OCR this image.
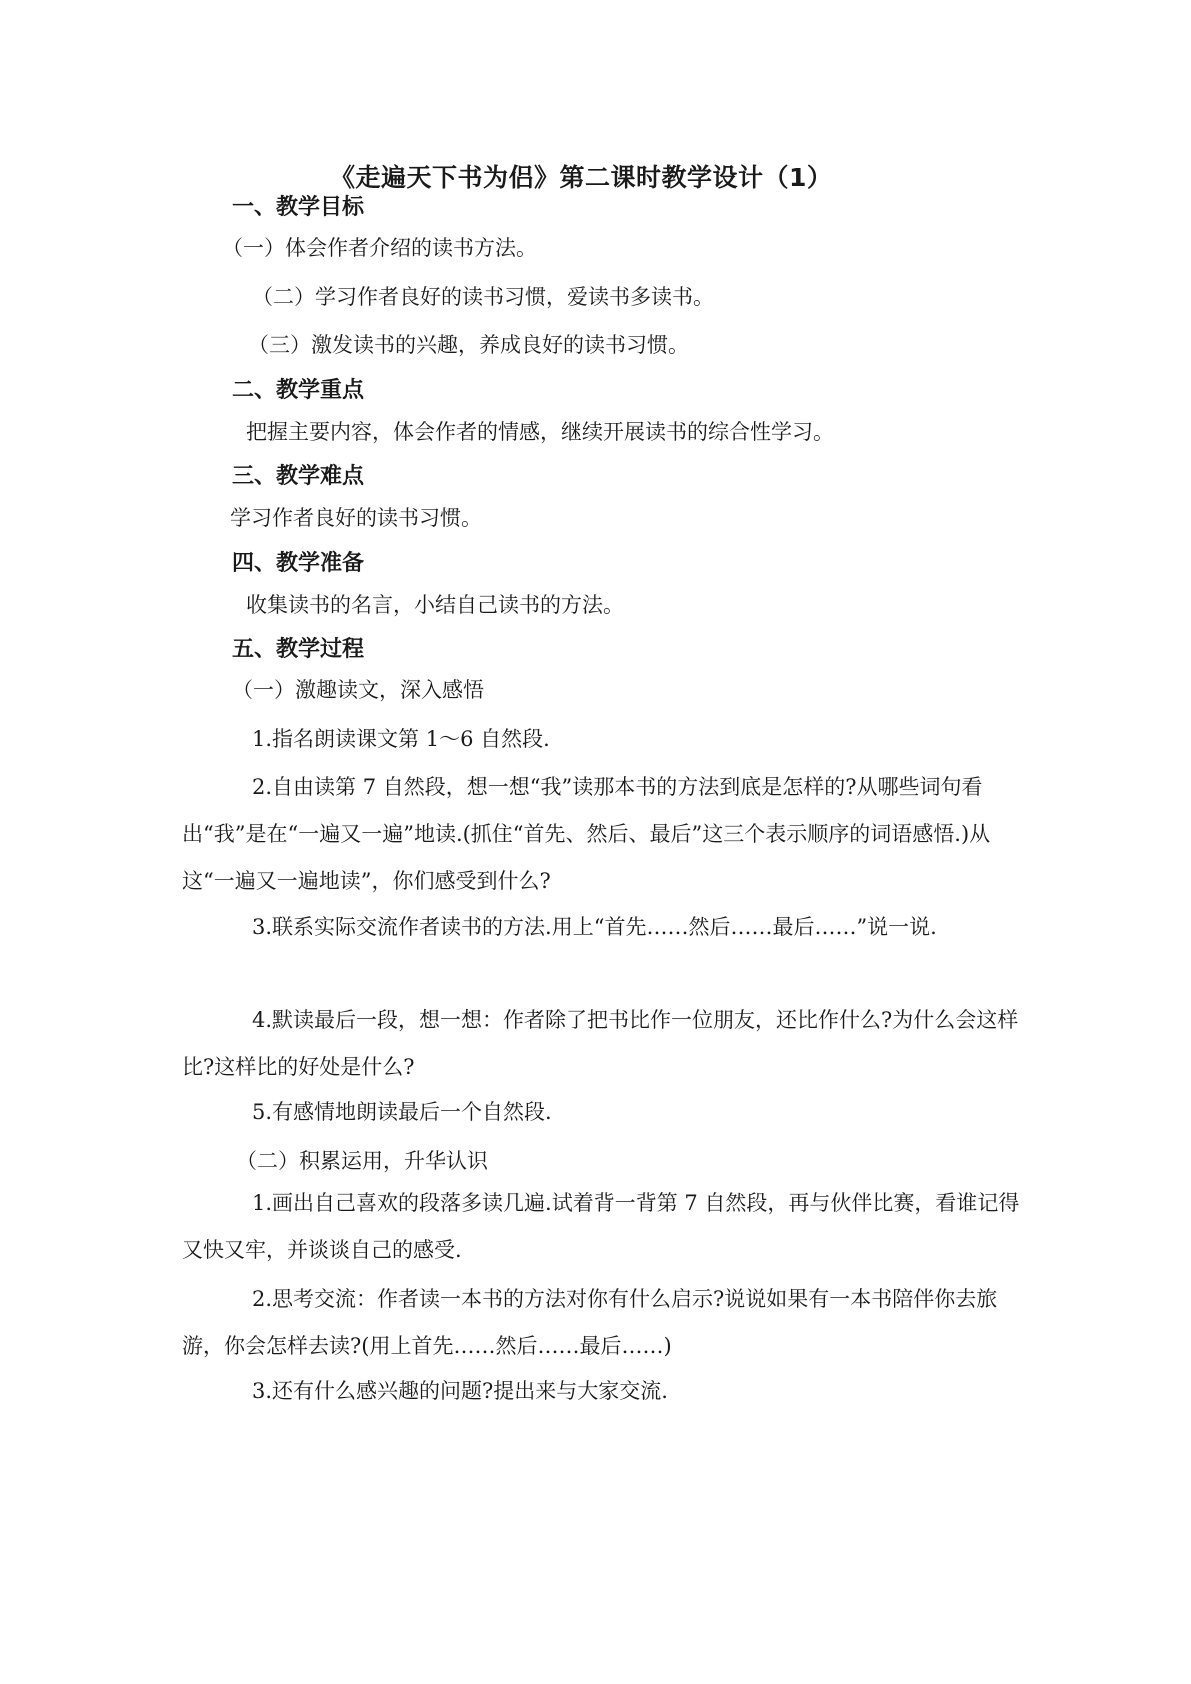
《走遍天下书为侣》第二课时教学设计（1）
一、教学目标
（一）体会作者介绍的读书方法。
（二）学习作者良好的读书习惯，爱读书多读书。
（三）激发读书的兴趣，养成良好的读书习惯。
二、教学重点
把握主要内容，体会作者的情感，继续开展读书的综合性学习。
三、教学难点
学习作者良好的读书习惯。
四、教学准备
收集读书的名言，小结自己读书的方法。
五、教学过程
（一）激趣读文，深入感悟
1.指名朗读课文第 1～6 自然段.
2.自由读第 7 自然段，想一想“我”读那本书的方法到底是怎样的?从哪些词句看出“我”是在“一遍又一遍”地读.(抓住“首先、然后、最后”这三个表示顺序的词语感悟.)从这“一遍又一遍地读”，你们感受到什么?
3.联系实际交流作者读书的方法.用上“首先……然后……最后……”说一说.
4.默读最后一段，想一想：作者除了把书比作一位朋友，还比作什么?为什么会这样比?这样比的好处是什么?
5.有感情地朗读最后一个自然段.
（二）积累运用，升华认识
1.画出自己喜欢的段落多读几遍.试着背一背第 7 自然段，再与伙伴比赛，看谁记得又快又牢，并谈谈自己的感受.
2.思考交流：作者读一本书的方法对你有什么启示?说说如果有一本书陪伴你去旅游，你会怎样去读?(用上首先……然后……最后……)
3.还有什么感兴趣的问题?提出来与大家交流.
